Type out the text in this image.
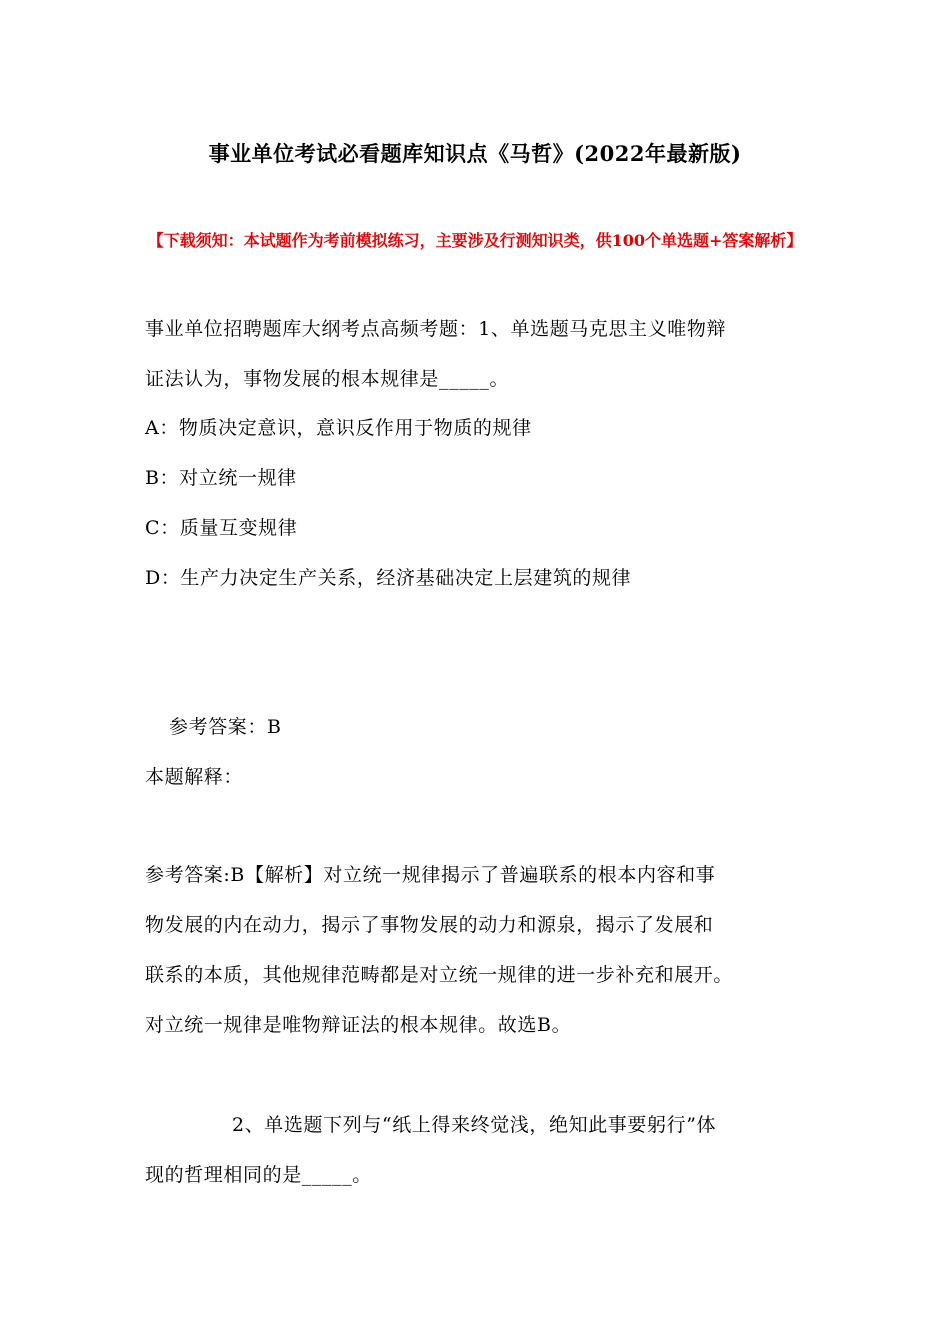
事业单位考试必看题库知识点《马哲》(2022年最新版)
【下载须知：本试题作为考前模拟练习，主要涉及行测知识类，供100个单选题+答案解析】
事业单位招聘题库大纲考点高频考题：1、单选题马克思主义唯物辩
证法认为，事物发展的根本规律是_____。
A：物质决定意识，意识反作用于物质的规律
B：对立统一规律
C：质量互变规律
D：生产力决定生产关系，经济基础决定上层建筑的规律
参考答案：B
本题解释：
参考答案:B【解析】对立统一规律揭示了普遍联系的根本内容和事
物发展的内在动力，揭示了事物发展的动力和源泉，揭示了发展和
联系的本质，其他规律范畴都是对立统一规律的进一步补充和展开。
对立统一规律是唯物辩证法的根本规律。故选B。
2、单选题下列与“纸上得来终觉浅，绝知此事要躬行”体
现的哲理相同的是_____。
